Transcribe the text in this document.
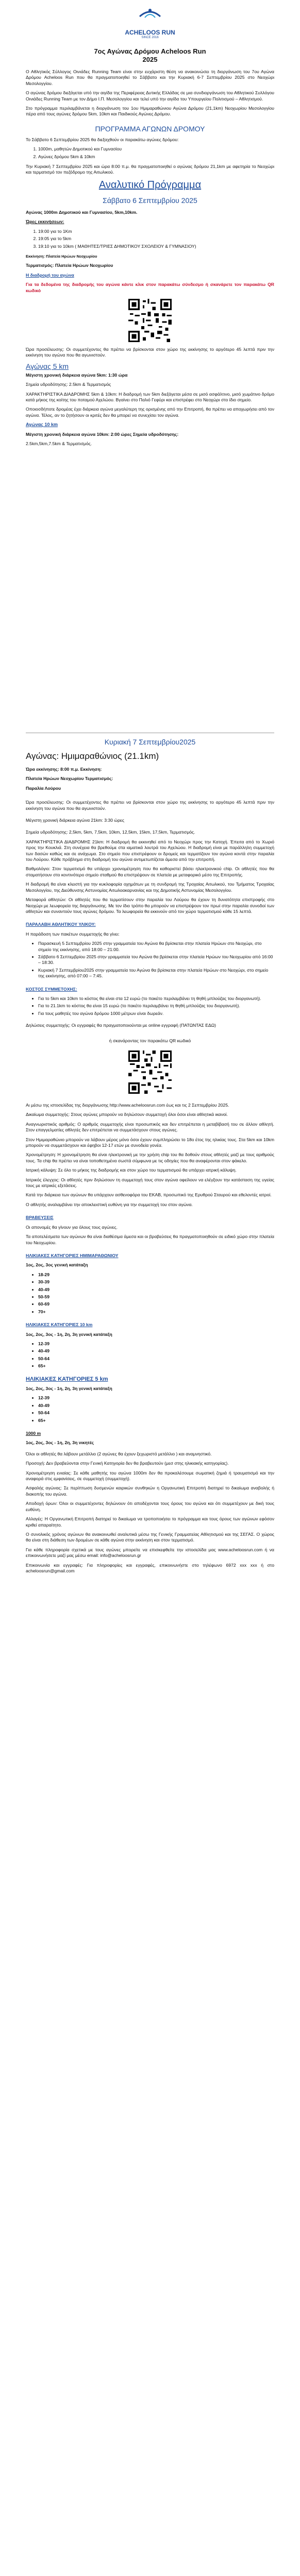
ACHELOOS RUN
SINCE 2016
7ος Αγώνας Δρόμου Acheloos Run
2025

Ο Αθλητικός Σύλλογος Οινιάδες Running Team είναι στην ευχάριστη θέση να ανακοινώσει τη διοργάνωση του 7ου Αγώνα Δρόμου Acheloos Run που θα πραγματοποιηθεί το Σάββατο και την Κυριακή 6-7 Σεπτεμβρίου 2025 στο Νεοχώρι Μεσολογγίου.

Ο αγώνας δρόμου διεξάγεται υπό την αιγίδα της Περιφέρειας Δυτικής Ελλάδας σε μια συνδιοργάνωση του Αθλητικού Συλλόγου Οινιάδες Running Team με τον Δήμο Ι.Π. Μεσολογγίου και τελεί υπό την αιγίδα του Υπουργείου Πολιτισμού – Αθλητισμού.

Στο πρόγραμμα περιλαμβάνεται η διοργάνωση του 1ου Ημιμαραθώνιου Αγώνα Δρόμου (21,1km) Νεοχωρίου Μεσολογγίου πέρα από τους αγώνες δρόμου 5km, 10km και Παιδικούς Αγώνες Δρόμου.

ΠΡΟΓΡΑΜΜΑ ΑΓΩΝΩΝ ΔΡΟΜΟΥ

Το Σάββατο 6 Σεπτεμβρίου 2025 θα διεξαχθούν οι παρακάτω αγώνες δρόμου:

1. 1000m, μαθητών Δημοτικού και Γυμνασίου
2. Αγώνες δρόμου 5km & 10km

Την Κυριακή 7 Σεπτεμβρίου 2025 και ώρα 8:00 π.μ. θα πραγματοποιηθεί ο αγώνας δρόμου 21,1km με αφετηρία το Νεοχώρι και τερματισμό τον πεζόδρομο της Αιτωλικού.

Αναλυτικό Πρόγραμμα
Σάββατο 6 Σεπτεμβρίου 2025

Αγώνας 1000m Δημοτικού και Γυμνασίου, 5km,10km.

Ώρες εκκινήσεων:

1. 19:00 για το 1Km
2. 19:05 για το 5km
3. 19:10 για το 10km ( ΜΑΘΗΤΕΣ/ΤΡΙΕΣ ΔΗΜΟΤΙΚΟΥ ΣΧΟΛΕΙΟΥ & ΓΥΜΝΑΣΙΟΥ)

Εκκίνηση: Πλατεία Ηρώων Νεοχωρίου

Τερματισμός: Πλατεία Ηρώων Νεοχωρίου

Η διαδρομή του αγώνα

Για τα δεδομένα της διαδρομής του αγώνα κάντε κλικ στον παρακάτω σύνδεσμο ή σκανάρετε τον παρακάτω QR κωδικό

Ώρα προσέλευσης: Οι συμμετέχοντες θα πρέπει να βρίσκονται στον χώρο της εκκίνησης το αργότερο 45 λεπτά πριν την εκκίνηση του αγώνα που θα αγωνιστούν.

Αγώνας 5 km

Μέγιστη χρονική διάρκεια αγώνα 5km: 1:30 ώρα

Σημεία υδροδότησης: 2.5km & Τερματισμός

ΧΑΡΑΚΤΗΡΙΣΤΙΚΑ ΔΙΑΔΡΟΜΗΣ 5km & 10km: Η διαδρομή των 5km διεξάγεται μέσα σε μισό ασφάλτινο, μισό χωμάτινο δρόμο κατά μήκος της κοίτης του ποταμού Αχελώου. Βγαίνει στο Παλιό Γεφύρι και επιστρέφει στο Νεοχώρι στο ίδιο σημείο.

Οποιοσδήποτε δρομέας έχει διάρκεια αγώνα μεγαλύτερη της ορισμένης από την Επιτροπή, θα πρέπει να αποχωρήσει από τον αγώνα. Τέλος, αν το ζητήσουν οι κριτές δεν θα μπορεί να συνεχίσει τον αγώνα.

Αγώνας 10 km

Μέγιστη χρονική διάρκεια αγώνα 10km: 2:00 ώρες Σημεία υδροδότησης:

2.5km,5km,7.5km & Τερματισμός.

Κυριακή 7 Σεπτεμβρίου2025
Αγώνας: Ημιμαραθώνιος (21.1km)

Ώρα εκκίνησης: 8:00 π.μ. Εκκίνηση:

Πλατεία Ηρώων Νεοχωρίου Τερματισμός:

Παραλία Λούρου

Ώρα προσέλευσης: Οι συμμετέχοντες θα πρέπει να βρίσκονται στον χώρο της εκκίνησης το αργότερο 45 λεπτά πριν την εκκίνηση του αγώνα που θα αγωνιστούν.

Μέγιστη χρονική διάρκεια αγώνα 21km: 3:30 ώρες

Σημεία υδροδότησης: 2,5km, 5km, 7,5km, 10km, 12,5km, 15km, 17,5km, Τερματισμός.

ΧΑΡΑΚΤΗΡΙΣΤΙΚΑ ΔΙΑΔΡΟΜΗΣ 21km: Η διαδρομή θα εκκινηθεί από το Νεοχώρι προς την Κατοχή. Έπειτα από το Χωριό προς την Κουκλιά. Στη συνέχεια θα βρεθούμε στα ιαματικά λουτρά του Αχελώου. Η διαδρομή είναι με παράλληλη συμμετοχή των δασών καθώς και σε ανάχωμα. Στο σημείο που επιστρέφουν οι δρομείς και τερματίζουν τον αγώνα κοντά στην παραλία του Λούρου. Κάθε πρόβλημα στη διαδρομή του αγώνα αντιμετωπίζεται άμεσα από την επιτροπή.

Βαθμολόγιο: Στον τερματισμό θα υπάρχει χρονομέτρηση που θα καθοριστεί βάσει ηλεκτρονικού chip. Οι αθλητές που θα σταματήσουν στο κοντινότερο σημείο σταθμού θα επιστρέψουν σε πλατεία με μεταφορικό μέσο της Επιτροπής.

Η διαδρομή θα είναι κλειστή για την κυκλοφορία οχημάτων με τη συνδρομή της Τροχαίας Αιτωλικού, του Τμήματος Τροχαίας Μεσολογγίου, της Διεύθυνσης Αστυνομίας Αιτωλοακαρνανίας και της Δημοτικής Αστυνομίας Μεσολογγίου.

Μεταφορά αθλητών: Οι αθλητές που θα τερματίσουν στην παραλία του Λούρου θα έχουν τη δυνατότητα επιστροφής στο Νεοχώρι με λεωφορεία της διοργάνωσης. Με τον ίδιο τρόπο θα μπορούν να επιστρέψουν τον πρωί στην παραλία συνοδοί των αθλητών και συναντούν τους αγώνες δρόμου. Τα λεωφορεία θα εκκινούν από τον χώρο τερματισμού κάθε 15 λεπτά.

ΠΑΡΑΛΑΒΗ ΑΘΛΗΤΙΚΟΥ ΥΛΙΚΟΥ:

Η παράδοση των πακέτων συμμετοχής θα γίνει:

• Παρασκευή 5 Σεπτεμβρίου 2025 στην γραμματεία του Αγώνα θα βρίσκεται στην πλατεία Ηρώων στο Νεοχώρι, στο σημείο της εκκίνησης, από 18:00 – 21:00.
• Σάββατο 6 Σεπτεμβρίου 2025 στην γραμματεία του Αγώνα θα βρίσκεται στην πλατεία Ηρώων του Νεοχωρίου από 16:00 – 18:30.
• Κυριακή 7 Σεπτεμβρίου2025 στην γραμματεία του Αγώνα θα βρίσκεται στην πλατεία Ηρώων στο Νεοχώρι, στο σημείο της εκκίνησης, από 07:00 – 7:45.

ΚΟΣΤΟΣ ΣΥΜΜΕΤΟΧΗΣ:

• Για το 5km και 10km το κόστος θα είναι στα 12 ευρώ (το πακέτο περιλαμβάνει τη θηθή μπλούζας του διοργανωτή).
• Για το 21.1km το κόστος θα είναι 15 ευρώ (το πακέτο περιλαμβάνει τη θηθή μπλούζας του διοργανωτή).
• Για τους μαθητές του αγώνα δρόμου 1000 μέτρων είναι δωρεάν.

Δηλώσεις συμμετοχής: Οι εγγραφές θα πραγματοποιούνται με online εγγραφή (ΠΑΤΩΝΤΑΣ ΕΔΩ)

ή σκανάροντας τον παρακάτω QR κωδικό

Αι μέσω της ιστοσελίδας της διοργάνωσης http://www.acheloosrun.com έως και τις 2 Σεπτεμβρίου 2025.

Δικαίωμα συμμετοχής: Στους αγώνες μπορούν να δηλώσουν συμμετοχή όλοι όσοι είναι αθλητικά ικανοί.

Αναγνωριστικός αριθμός: Ο αριθμός συμμετοχής είναι προσωπικός και δεν επιτρέπεται η μεταβίβασή του σε άλλον αθλητή. Στον επαγγελματίες αθλητές δεν επιτρέπεται να συμμετάσχουν στους αγώνες.

Στον Ημιμαραθώνιο μπορούν να λάβουν μέρος μόνο όσοι έχουν συμπληρώσει το 18ο έτος της ηλικίας τους. Στα 5km και 10km μπορούν να συμμετάσχουν και έφηβοι 12-17 ετών με συνοδεία γονέα.

Χρονομέτρηση: Η χρονομέτρηση θα είναι ηλεκτρονική με την χρήση chip του θα δοθούν στους αθλητές μαζί με τους αριθμούς τους. Τα chip θα πρέπει να είναι τοποθετημένα σωστά σύμφωνα με τις οδηγίες που θα αναφέρονται στον φάκελο.

Ιατρική κάλυψη: Σε όλο το μήκος της διαδρομής και στον χώρο του τερματισμού θα υπάρχει ιατρική κάλυψη.

Ιατρικός έλεγχος: Οι αθλητές πριν δηλώσουν τη συμμετοχή τους στον αγώνα οφείλουν να ελέγξουν την κατάσταση της υγείας τους με ιατρικές εξετάσεις.

Κατά την διάρκεια των αγώνων θα υπάρχουν ασθενοφόρα του ΕΚΑΒ, προσωπικό της Ερυθρού Σταυρού και εθελοντές ιατροί.

Ο αθλητής αναλαμβάνει την αποκλειστική ευθύνη για την συμμετοχή του στον αγώνα.

ΒΡΑΒΕΥΣΕΙΣ

Οι απονομές θα γίνουν για όλους τους αγώνες.

Τα αποτελέσματα των αγώνων θα είναι διαθέσιμα άμεσα και οι βραβεύσεις θα πραγματοποιηθούν σε ειδικό χώρο στην πλατεία του Νεοχωρίου.

ΗΛΙΚΙΑΚΕΣ ΚΑΤΗΓΟΡΙΕΣ ΗΜΙΜΑΡΑΘΩΝΙΟΥ

1ος, 2ος, 3ος γενική κατάταξη

• 18-29
• 30-39
• 40-49
• 50-59
• 60-69
• 70+

ΗΛΙΚΙΑΚΕΣ ΚΑΤΗΓΟΡΙΕΣ 10 km

1ος, 2ος, 3ος - 1η, 2η, 3η γενική κατάταξη

• 12-39
• 40-49
• 50-64
• 65+

ΗΛΙΚΙΑΚΕΣ ΚΑΤΗΓΟΡΙΕΣ 5 km

1ος, 2ος, 3ος - 1η, 2η, 3η γενική κατάταξη

• 12-39
• 40-49
• 50-64
• 65+

1000 m

1ος, 2ος, 3ος - 1η, 2η, 3η νικητές

Όλοι οι αθλητές θα λάβουν μετάλλιο (2 αγώνες θα έχουν ξεχωριστό μετάλλιο ) και αναμνηστικό.

Προσοχή: Δεν βραβεύονται στην Γενική Κατηγορία δεν θα βραβευτούν (μεσ στης ηλικιακής κατηγορίας).

Χρονομέτρηση ενιαίας: Σε κάθε μαθητής του αγώνα 1000m δεν θα προκαλέσουμε σωματική ζημιά ή τραυματισμό και την αναφορά στις εμφανίσεις, σε συμμετοχή (συμμετοχή).

Ασφαλής αγώνας: Σε περίπτωση δυσμενών καιρικών συνθηκών η Οργανωτική Επιτροπή διατηρεί το δικαίωμα αναβολής ή διακοπής του αγώνα.

Αποδοχή όρων: Όλοι οι συμμετέχοντες δηλώνουν ότι αποδέχονται τους όρους του αγώνα και ότι συμμετέχουν με δική τους ευθύνη.

Αλλαγές: Η Οργανωτική Επιτροπή διατηρεί το δικαίωμα να τροποποιήσει το πρόγραμμα και τους όρους των αγώνων εφόσον κριθεί απαραίτητο.

Ο συνολικός χρόνος αγώνων θα ανακοινωθεί αναλυτικά μέσω της Γενικής Γραμματείας Αθλητισμού και της ΣΕΓΑΣ. Ο χώρος θα είναι στη διάθεση των δρομέων σε κάθε αγώνα στην εκκίνηση και στον τερματισμό.

Για κάθε πληροφορία σχετικά με τους αγώνες μπορείτε να επισκεφθείτε την ιστοσελίδα μας www.acheloosrun.com ή να επικοινωνήσετε μαζί μας μέσω email: info@acheloosrun.gr

Επικοινωνία και εγγραφές: Για πληροφορίες και εγγραφές, επικοινωνήστε στο τηλέφωνο 6972 xxx xxx ή στο acheloosrun@gmail.com
